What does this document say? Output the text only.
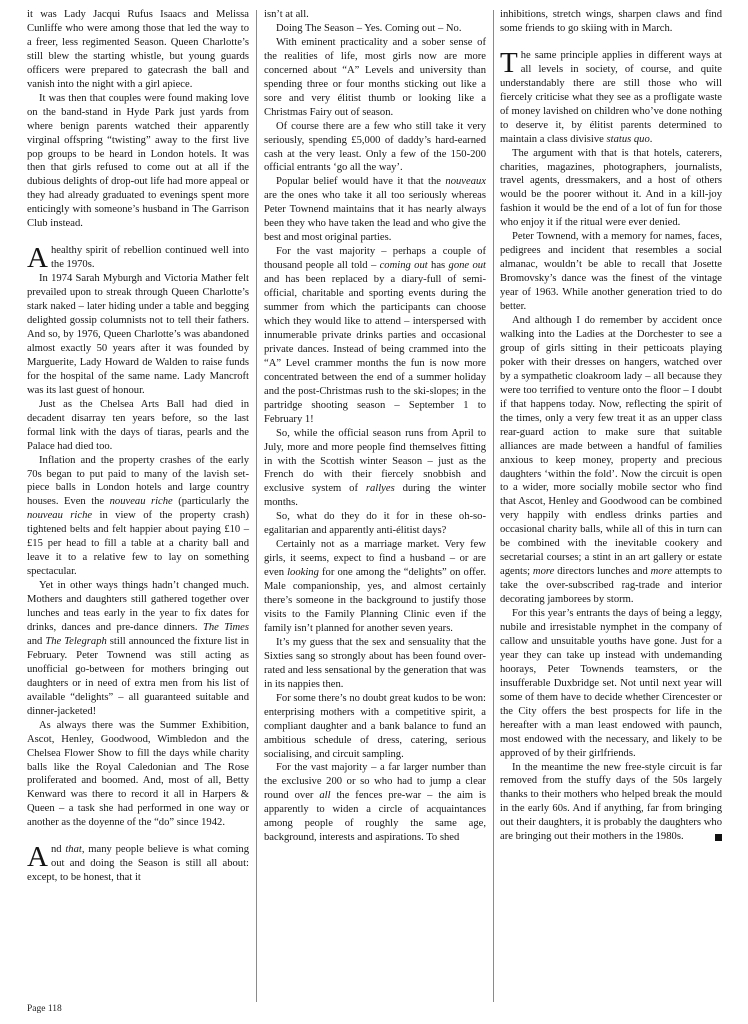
it was Lady Jacqui Rufus Isaacs and Melissa Cunliffe who were among those that led the way to a freer, less regimented Season. Queen Charlotte’s still blew the starting whistle, but young guards officers were prepared to gatecrash the ball and vanish into the night with a girl apiece.

It was then that couples were found making love on the band-stand in Hyde Park just yards from where benign parents watched their apparently virginal offspring “twisting” away to the first live pop groups to be heard in London hotels. It was then that girls refused to come out at all if the dubious delights of drop-out life had more appeal or they had already graduated to evenings spent more enticingly with someone’s husband in The Garrison Club instead.

Ahealthy spirit of rebellion continued well into the 1970s.

In 1974 Sarah Myburgh and Victoria Mather felt prevailed upon to streak through Queen Charlotte’s stark naked – later hiding under a table and begging delighted gossip columnists not to tell their fathers. And so, by 1976, Queen Charlotte’s was abandoned almost exactly 50 years after it was founded by Marguerite, Lady Howard de Walden to raise funds for the hospital of the same name. Lady Mancroft was its last guest of honour.

Just as the Chelsea Arts Ball had died in decadent disarray ten years before, so the last formal link with the days of tiaras, pearls and the Palace had died too.

Inflation and the property crashes of the early 70s began to put paid to many of the lavish set-piece balls in London hotels and large country houses. Even the nouveau riche (particularly the nouveau riche in view of the property crash) tightened belts and felt happier about paying £10 – £15 per head to fill a table at a charity ball and leave it to a relative few to lay on something spectacular.

Yet in other ways things hadn’t changed much. Mothers and daughters still gathered together over lunches and teas early in the year to fix dates for drinks, dances and pre-dance dinners. The Times and The Telegraph still announced the fixture list in February. Peter Townend was still acting as unofficial go-between for mothers bringing out daughters or in need of extra men from his list of available “delights” – all guaranteed suitable and dinner-jacketed!

As always there was the Summer Exhibition, Ascot, Henley, Goodwood, Wimbledon and the Chelsea Flower Show to fill the days while charity balls like the Royal Caledonian and The Rose proliferated and boomed. And, most of all, Betty Kenward was there to record it all in Harpers & Queen – a task she had performed in one way or another as the doyenne of the “do” since 1942.

And that, many people believe is what coming out and doing the Season is still all about: except, to be honest, that it

isn’t at all.

Doing The Season – Yes. Coming out – No.

With eminent practicality and a sober sense of the realities of life, most girls now are more concerned about “A” Levels and university than spending three or four months sticking out like a sore and very élitist thumb or looking like a Christmas Fairy out of season.

Of course there are a few who still take it very seriously, spending £5,000 of daddy’s hard-earned cash at the very least. Only a few of the 150-200 official entrants ‘go all the way’.

Popular belief would have it that the nouveaux are the ones who take it all too seriously whereas Peter Townend maintains that it has nearly always been they who have taken the lead and who give the best and most original parties.

For the vast majority – perhaps a couple of thousand people all told – coming out has gone out and has been replaced by a diary-full of semi-official, charitable and sporting events during the summer from which the participants can choose which they would like to attend – interspersed with innumerable private drinks parties and occasional private dances. Instead of being crammed into the “A” Level crammer months the fun is now more concentrated between the end of a summer holiday and the post-Christmas rush to the ski-slopes; in the partridge shooting season – September 1 to February 1!

So, while the official season runs from April to July, more and more people find themselves fitting in with the Scottish winter Season – just as the French do with their fiercely snobbish and exclusive system of rallyes during the winter months.

So, what do they do it for in these oh-so-egalitarian and apparently anti-élitist days?

Certainly not as a marriage market. Very few girls, it seems, expect to find a husband – or are even looking for one among the “delights” on offer. Male companionship, yes, and almost certainly there’s someone in the background to justify those visits to the Family Planning Clinic even if the family isn’t planned for another seven years.

It’s my guess that the sex and sensuality that the Sixties sang so strongly about has been found over-rated and less sensational by the generation that was in its nappies then.

For some there’s no doubt great kudos to be won: enterprising mothers with a competitive spirit, a compliant daughter and a bank balance to fund an ambitious schedule of dress, catering, serious socialising, and circuit sampling.

For the vast majority – a far larger number than the exclusive 200 or so who had to jump a clear round over all the fences pre-war – the aim is apparently to widen a circle of acquaintances among people of roughly the same age, background, interests and aspirations. To shed

inhibitions, stretch wings, sharpen claws and find some friends to go skiing with in March.

The same principle applies in different ways at all levels in society, of course, and quite understandably there are still those who will fiercely criticise what they see as a profligate waste of money lavished on children who’ve done nothing to deserve it, by élitist parents determined to maintain a class divisive status quo.

The argument with that is that hotels, caterers, charities, magazines, photographers, journalists, travel agents, dressmakers, and a host of others would be the poorer without it. And in a kill-joy fashion it would be the end of a lot of fun for those who enjoy it if the ritual were ever denied.

Peter Townend, with a memory for names, faces, pedigrees and incident that resembles a social almanac, wouldn’t be able to recall that Josette Bromovsky’s dance was the finest of the vintage year of 1963. While another generation tried to do better.

And although I do remember by accident once walking into the Ladies at the Dorchester to see a group of girls sitting in their petticoats playing poker with their dresses on hangers, watched over by a sympathetic cloakroom lady – all because they were too terrified to venture onto the floor – I doubt if that happens today. Now, reflecting the spirit of the times, only a very few treat it as an upper class rear-guard action to make sure that suitable alliances are made between a handful of families anxious to keep money, property and precious daughters ‘within the fold’. Now the circuit is open to a wider, more socially mobile sector who find that Ascot, Henley and Goodwood can be combined very happily with endless drinks parties and occasional charity balls, while all of this in turn can be combined with the inevitable cookery and secretarial courses; a stint in an art gallery or estate agents; more directors lunches and more attempts to take the over-subscribed rag-trade and interior decorating jamborees by storm.

For this year’s entrants the days of being a leggy, nubile and irresistable nymphet in the company of callow and unsuitable youths have gone. Just for a year they can take up instead with undemanding hoorays, Peter Townends teamsters, or the insufferable Duxbridge set. Not until next year will some of them have to decide whether Cirencester or the City offers the best prospects for life in the hereafter with a man least endowed with paunch, most endowed with the necessary, and likely to be approved of by their girlfriends.

In the meantime the new free-style circuit is far removed from the stuffy days of the 50s largely thanks to their mothers who helped break the mould in the early 60s. And if anything, far from bringing out their daughters, it is probably the daughters who are bringing out their mothers in the 1980s.

Page 118
